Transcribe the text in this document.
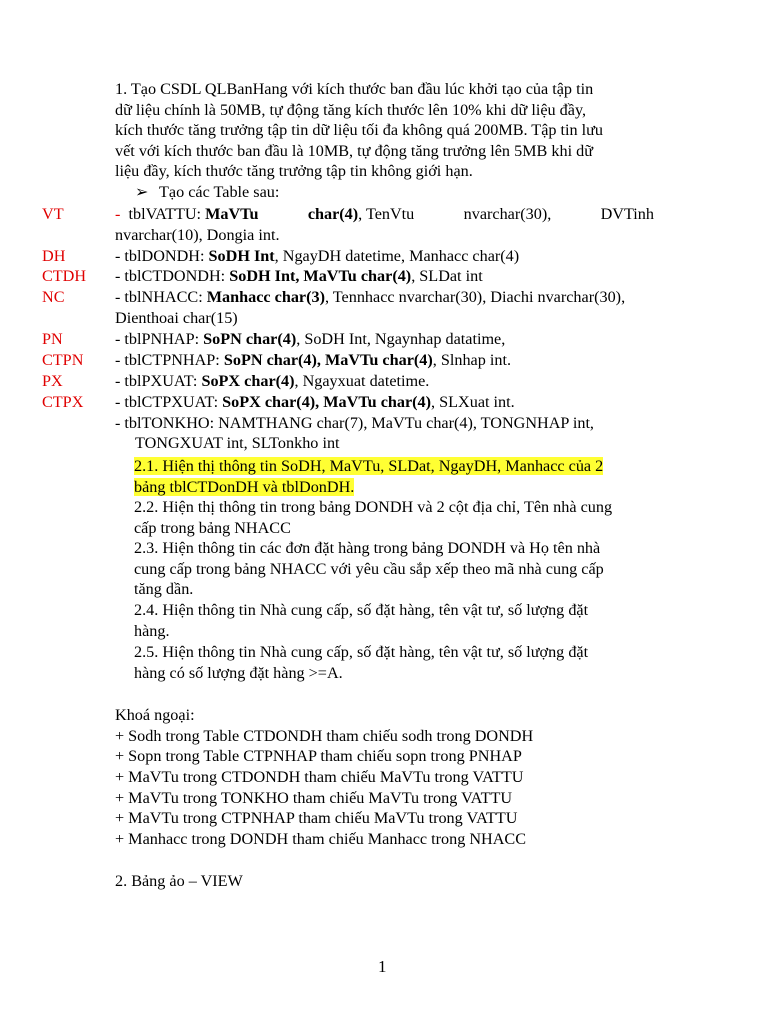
1. Tạo CSDL QLBanHang với kích thước ban đầu lúc khởi tạo của tập tin
dữ liệu chính là 50MB, tự động tăng kích thước lên 10% khi dữ liệu đầy,
kích thước tăng trưởng tập tin dữ liệu tối đa không quá 200MB. Tập tin lưu
vết với kích thước ban đầu là 10MB, tự động tăng trưởng lên 5MB khi dữ
liệu đầy, kích thước tăng trưởng tập tin không giới hạn.
➢ Tạo các Table sau:
VT	- tblVATTU: MaVTu	char(4), TenVtu	nvarchar(30),	DVTinh
nvarchar(10), Dongia int.
DH	- tblDONDH: SoDH Int, NgayDH datetime, Manhacc char(4)
CTDH - tblCTDONDH: SoDH Int, MaVTu char(4), SLDat int
NC	- tblNHACC: Manhacc char(3), Tennhacc nvarchar(30), Diachi nvarchar(30),
Dienthoai char(15)
PN	- tblPNHAP: SoPN char(4), SoDH Int, Ngaynhap datatime,
CTPN - tblCTPNHAP: SoPN char(4), MaVTu char(4), Slnhap int.
PX	- tblPXUAT: SoPX char(4), Ngayxuat datetime.
CTPX - tblCTPXUAT: SoPX char(4), MaVTu char(4), SLXuat int.
- tblTONKHO: NAMTHANG char(7), MaVTu char(4), TONGNHAP int,
TONGXUAT int, SLTonkho int
2.1. Hiện thị thông tin SoDH, MaVTu, SLDat, NgayDH, Manhacc của 2
bảng tblCTDonDH và tblDonDH.
2.2. Hiện thị thông tin trong bảng DONDH và 2 cột địa chỉ, Tên nhà cung
cấp trong bảng NHACC
2.3. Hiện thông tin các đơn đặt hàng trong bảng DONDH và Họ tên nhà
cung cấp trong bảng NHACC với yêu cầu sắp xếp theo mã nhà cung cấp
tăng dần.
2.4. Hiện thông tin Nhà cung cấp, số đặt hàng, tên vật tư, số lượng đặt
hàng.
2.5. Hiện thông tin Nhà cung cấp, số đặt hàng, tên vật tư, số lượng đặt
hàng có số lượng đặt hàng >=A.
Khoá ngoại:
+ Sodh trong Table CTDONDH tham chiếu sodh trong DONDH
+ Sopn trong Table CTPNHAP tham chiếu sopn trong PNHAP
+ MaVTu trong CTDONDH tham chiếu MaVTu trong VATTU
+ MaVTu trong TONKHO tham chiếu MaVTu trong VATTU
+ MaVTu trong CTPNHAP tham chiếu MaVTu trong VATTU
+ Manhacc trong DONDH tham chiếu Manhacc trong NHACC
2. Bảng ảo – VIEW
1
